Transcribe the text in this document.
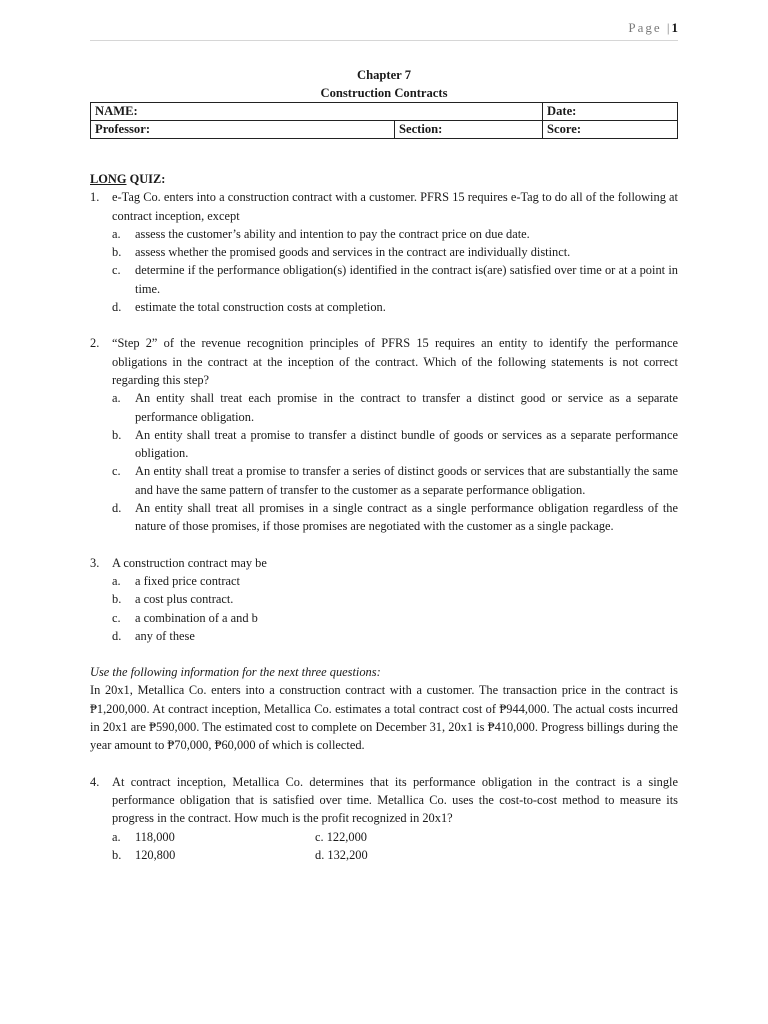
Page |1
Chapter 7
Construction Contracts
NAME:		Date:
Professor:	Section:	Score:

LONG QUIZ:

1.	e-Tag Co. enters into a construction contract with a customer. PFRS 15 requires e-Tag to do all of the following at contract inception, except

a.	assess the customer’s ability and intention to pay the contract price on due date.
b.	assess whether the promised goods and services in the contract are individually distinct.
c.	determine if the performance obligation(s) identified in the contract is(are) satisfied over time or at a point in time.
d.	estimate the total construction costs at completion.
2.	“Step 2” of the revenue recognition principles of PFRS 15 requires an entity to identify the performance obligations in the contract at the inception of the contract. Which of the following statements is not correct regarding this step?

a.	An entity shall treat each promise in the contract to transfer a distinct good or service as a separate performance obligation.
b.	An entity shall treat a promise to transfer a distinct bundle of goods or services as a separate performance obligation.
c.	An entity shall treat a promise to transfer a series of distinct goods or services that are substantially the same and have the same pattern of transfer to the customer as a separate performance obligation.
d.	An entity shall treat all promises in a single contract as a single performance obligation regardless of the nature of those promises, if those promises are negotiated with the customer as a single package.
3.	A construction contract may be

a.	a fixed price contract
b.	a cost plus contract.
c.	a combination of a and b
d.	any of these

Use the following information for the next three questions:

In 20x1, Metallica Co. enters into a construction contract with a customer. The transaction price in the contract is ₱1,200,000. At contract inception, Metallica Co. estimates a total contract cost of ₱944,000. The actual costs incurred in 20x1 are ₱590,000. The estimated cost to complete on December 31, 20x1 is ₱410,000. Progress billings during the year amount to ₱70,000, ₱60,000 of which is collected.

4.	At contract inception, Metallica Co. determines that its performance obligation in the contract is a single performance obligation that is satisfied over time. Metallica Co. uses the cost-to-cost method to measure its progress in the contract. How much is the profit recognized in 20x1?

a.	118,000	c. 122,000
b.	120,800	d. 132,200
